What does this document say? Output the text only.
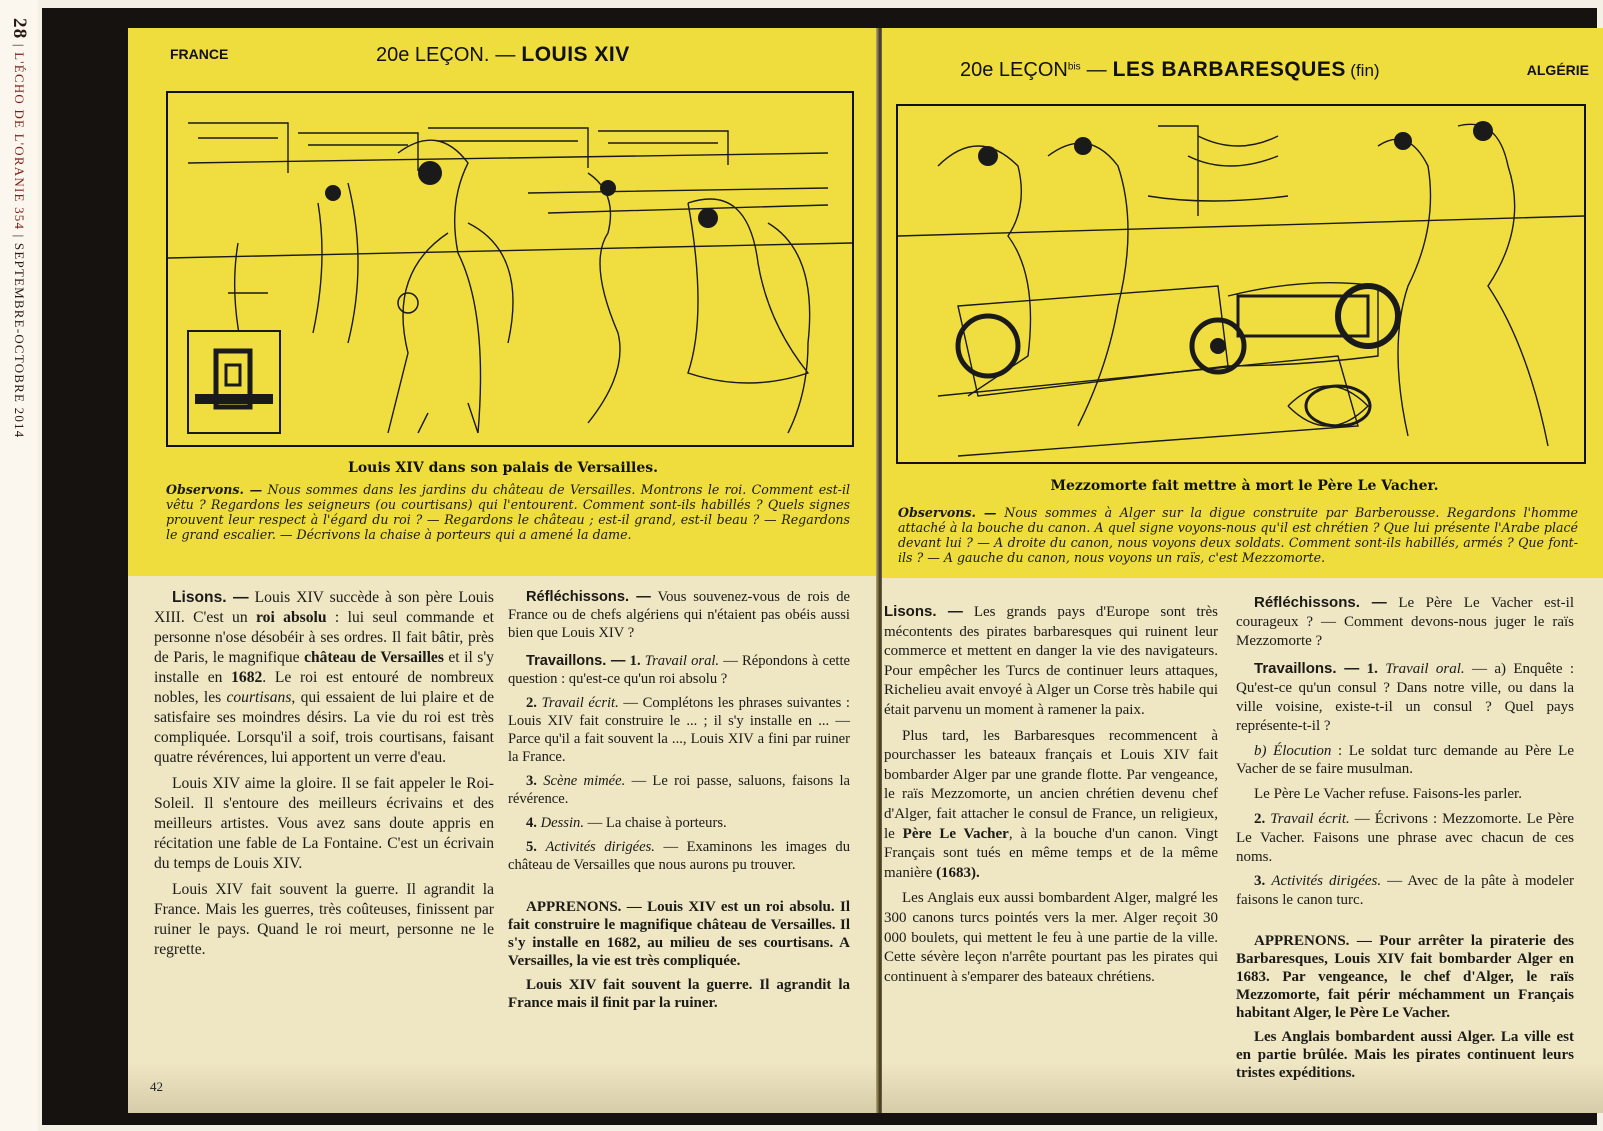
28 | L'ÉCHO DE L'ORANIE 354 | SEPTEMBRE-OCTOBRE 2014
FRANCE	20e LEÇON. — LOUIS XIV
Louis XIV dans son palais de Versailles.
Observons. — Nous sommes dans les jardins du château de Versailles. Montrons le roi. Comment est-il vêtu ? Regardons les seigneurs (ou courtisans) qui l'entourent. Comment sont-ils habillés ? Quels signes prouvent leur respect à l'égard du roi ? — Regardons le château ; est-il grand, est-il beau ? — Regardons le grand escalier. — Décrivons la chaise à porteurs qui a amené la dame.

Lisons. — Louis XIV succède à son père Louis XIII. C'est un roi absolu : lui seul commande et personne n'ose désobéir à ses ordres. Il fait bâtir, près de Paris, le magnifique château de Versailles et il s'y installe en 1682. Le roi est entouré de nombreux nobles, les courtisans, qui essaient de lui plaire et de satisfaire ses moindres désirs. La vie du roi est très compliquée. Lorsqu'il a soif, trois courtisans, faisant quatre révérences, lui apportent un verre d'eau.

Louis XIV aime la gloire. Il se fait appeler le Roi-Soleil. Il s'entoure des meilleurs écrivains et des meilleurs artistes. Vous avez sans doute appris en récitation une fable de La Fontaine. C'est un écrivain du temps de Louis XIV.

Louis XIV fait souvent la guerre. Il agrandit la France. Mais les guerres, très coûteuses, finissent par ruiner le pays. Quand le roi meurt, personne ne le regrette.

Réfléchissons. — Vous souvenez-vous de rois de France ou de chefs algériens qui n'étaient pas obéis aussi bien que Louis XIV ?

Travaillons. — 1. Travail oral. — Répondons à cette question : qu'est-ce qu'un roi absolu ?

2. Travail écrit. — Complétons les phrases suivantes : Louis XIV fait construire le ... ; il s'y installe en ... — Parce qu'il a fait souvent la ..., Louis XIV a fini par ruiner la France.

3. Scène mimée. — Le roi passe, saluons, faisons la révérence.

4. Dessin. — La chaise à porteurs.

5. Activités dirigées. — Examinons les images du château de Versailles que nous aurons pu trouver.

APPRENONS. — Louis XIV est un roi absolu. Il fait construire le magnifique château de Versailles. Il s'y installe en 1682, au milieu de ses courtisans. A Versailles, la vie est très compliquée.

Louis XIV fait souvent la guerre. Il agrandit la France mais il finit par la ruiner.

42
20e $LEÇON^{bis}$ — LES BARBARESQUES (fin)	ALGÉRIE
Mezzomorte fait mettre à mort le Père Le Vacher.
Observons. — Nous sommes à Alger sur la digue construite par Barberousse. Regardons l'homme attaché à la bouche du canon. A quel signe voyons-nous qu'il est chrétien ? Que lui présente l'Arabe placé devant lui ? — A droite du canon, nous voyons deux soldats. Comment sont-ils habillés, armés ? Que font-ils ? — A gauche du canon, nous voyons un raïs, c'est Mezzomorte.

Lisons. — Les grands pays d'Europe sont très mécontents des pirates barbaresques qui ruinent leur commerce et mettent en danger la vie des navigateurs. Pour empêcher les Turcs de continuer leurs attaques, Richelieu avait envoyé à Alger un Corse très habile qui était parvenu un moment à ramener la paix.

Plus tard, les Barbaresques recommencent à pourchasser les bateaux français et Louis XIV fait bombarder Alger par une grande flotte. Par vengeance, le raïs Mezzomorte, un ancien chrétien devenu chef d'Alger, fait attacher le consul de France, un religieux, le Père Le Vacher, à la bouche d'un canon. Vingt Français sont tués en même temps et de la même manière (1683).

Les Anglais eux aussi bombardent Alger, malgré les 300 canons turcs pointés vers la mer. Alger reçoit 30 000 boulets, qui mettent le feu à une partie de la ville. Cette sévère leçon n'arrête pourtant pas les pirates qui continuent à s'emparer des bateaux chrétiens.

Réfléchissons. — Le Père Le Vacher est-il courageux ? — Comment devons-nous juger le raïs Mezzomorte ?

Travaillons. — 1. Travail oral. — a) Enquête : Qu'est-ce qu'un consul ? Dans notre ville, ou dans la ville voisine, existe-t-il un consul ? Quel pays représente-t-il ?

b) Élocution : Le soldat turc demande au Père Le Vacher de se faire musulman.

Le Père Le Vacher refuse. Faisons-les parler.

2. Travail écrit. — Écrivons : Mezzomorte. Le Père Le Vacher. Faisons une phrase avec chacun de ces noms.

3. Activités dirigées. — Avec de la pâte à modeler faisons le canon turc.

APPRENONS. — Pour arrêter la piraterie des Barbaresques, Louis XIV fait bombarder Alger en 1683. Par vengeance, le chef d'Alger, le raïs Mezzomorte, fait périr méchamment un Français habitant Alger, le Père Le Vacher.

Les Anglais bombardent aussi Alger. La ville est en partie brûlée. Mais les pirates continuent leurs tristes expéditions.
